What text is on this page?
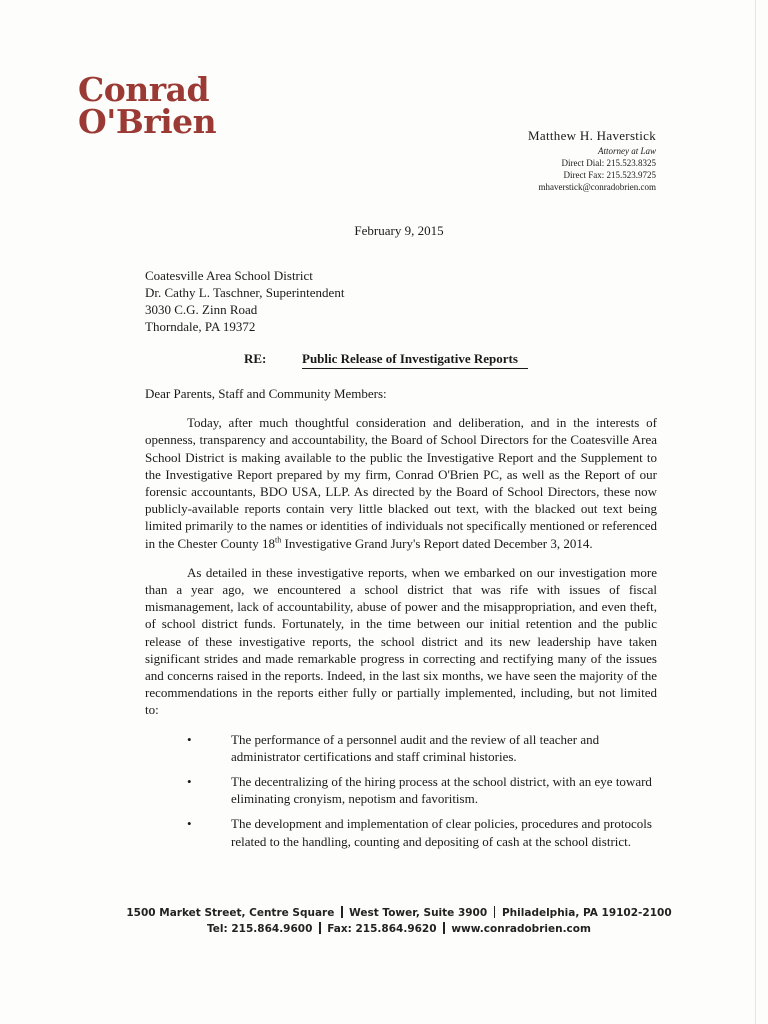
Conrad
O'Brien	Matthew H. Haverstick
Attorney at Law
Direct Dial: 215.523.8325
Direct Fax: 215.523.9725
mhaverstick@conradobrien.com
February 9, 2015
Coatesville Area School District
Dr. Cathy L. Taschner, Superintendent
3030 C.G. Zinn Road
Thorndale, PA 19372
RE:	Public Release of Investigative Reports

Dear Parents, Staff and Community Members:

Today, after much thoughtful consideration and deliberation, and in the interests of openness, transparency and accountability, the Board of School Directors for the Coatesville Area School District is making available to the public the Investigative Report and the Supplement to the Investigative Report prepared by my firm, Conrad O'Brien PC, as well as the Report of our forensic accountants, BDO USA, LLP. As directed by the Board of School Directors, these now publicly-available reports contain very little blacked out text, with the blacked out text being limited primarily to the names or identities of individuals not specifically mentioned or referenced in the Chester County 18th Investigative Grand Jury's Report dated December 3, 2014.

As detailed in these investigative reports, when we embarked on our investigation more than a year ago, we encountered a school district that was rife with issues of fiscal mismanagement, lack of accountability, abuse of power and the misappropriation, and even theft, of school district funds. Fortunately, in the time between our initial retention and the public release of these investigative reports, the school district and its new leadership have taken significant strides and made remarkable progress in correcting and rectifying many of the issues and concerns raised in the reports. Indeed, in the last six months, we have seen the majority of the recommendations in the reports either fully or partially implemented, including, but not limited to:

•	The performance of a personnel audit and the review of all teacher and administrator certifications and staff criminal histories.
•	The decentralizing of the hiring process at the school district, with an eye toward eliminating cronyism, nepotism and favoritism.
•	The development and implementation of clear policies, procedures and protocols related to the handling, counting and depositing of cash at the school district.
1500 Market Street, Centre Square West Tower, Suite 3900 Philadelphia, PA 19102-2100
Tel: 215.864.9600 Fax: 215.864.9620 www.conradobrien.com
